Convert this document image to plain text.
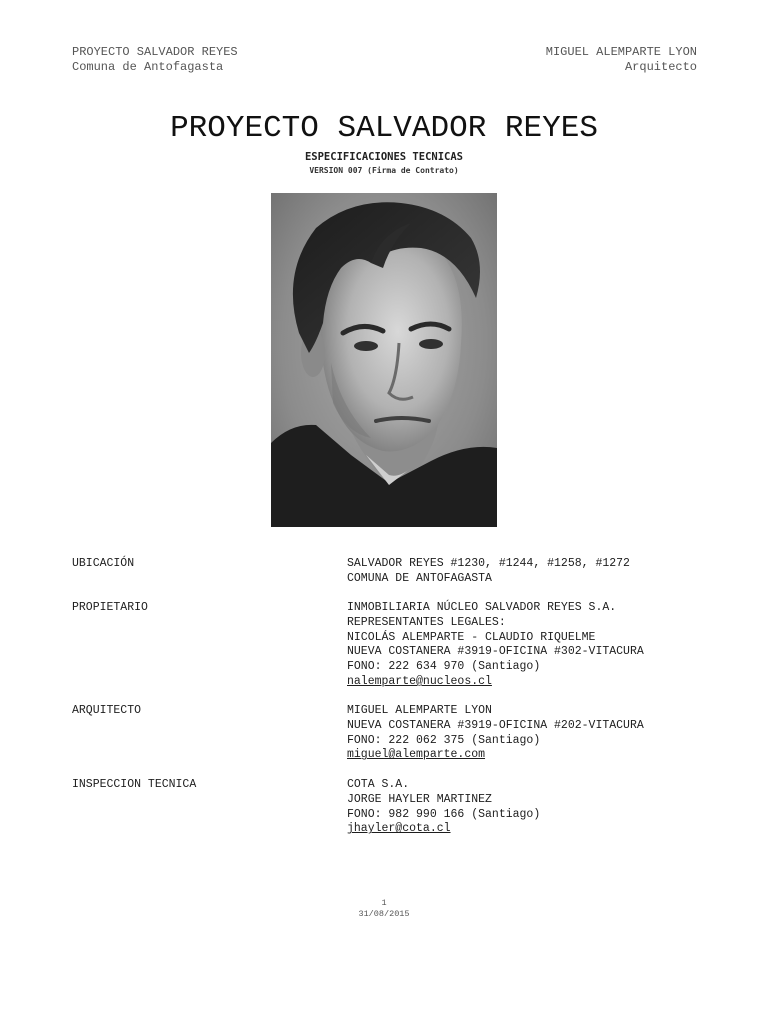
PROYECTO SALVADOR REYES
Comuna de Antofagasta
MIGUEL ALEMPARTE LYON
Arquitecto
PROYECTO SALVADOR REYES
ESPECIFICACIONES TECNICAS
VERSION 007 (Firma de Contrato)
UBICACIÓN	SALVADOR REYES #1230, #1244, #1258, #1272
COMUNA DE ANTOFAGASTA
PROPIETARIO	INMOBILIARIA NÚCLEO SALVADOR REYES S.A.
REPRESENTANTES LEGALES:
NICOLÁS ALEMPARTE - CLAUDIO RIQUELME
NUEVA COSTANERA #3919-OFICINA #302-VITACURA
FONO: 222 634 970 (Santiago)
nalemparte@nucleos.cl
ARQUITECTO	MIGUEL ALEMPARTE LYON
NUEVA COSTANERA #3919-OFICINA #202-VITACURA
FONO: 222 062 375 (Santiago)
miguel@alemparte.com
INSPECCION TECNICA	COTA S.A.
JORGE HAYLER MARTINEZ
FONO: 982 990 166 (Santiago)
jhayler@cota.cl
1
31/08/2015
